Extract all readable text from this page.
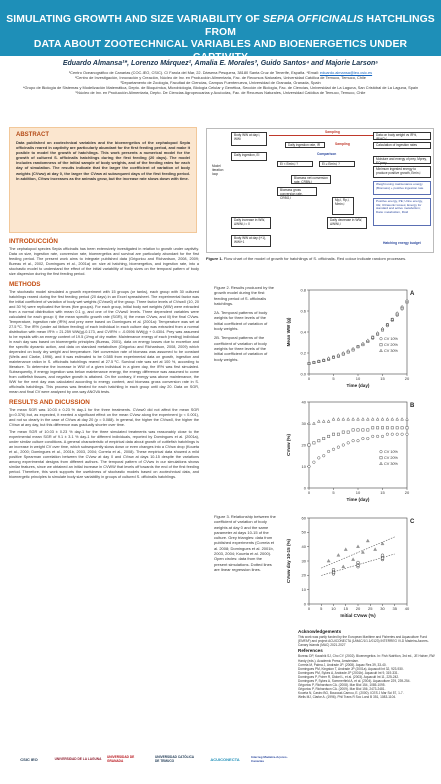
SIMULATING GROWTH AND SIZE VARIABILITY OF SEPIA OFFICINALIS HATCHLINGS FROM
DATA ABOUT ZOOTECHNICAL VARIABLES AND BIOENERGETICS UNDER CAPTIVITY
Eduardo Almansa¹*, Lorenzo Márquez², Amalia E. Morales³, Guido Santos⁴ and Majorie Larson⁵
¹Centro Oceanográfico de Canarias (COC-IEO, CSIC). C/ Farola del Mar, 22. Dársena Pesquera, 38180 Santa Cruz de Tenerife, España. *Email: eduardo.almansa@ieo.csic.es
²Centro de Investigación, Innovación y Creación, Núcleo de Inv. en Producción Alimentaria, Fac. de Recursos Naturales, Universidad Católica de Temuco, Temuco, Chile
³Departamento de Zoología, Facultad de Ciencias, Campus Fuentenueva, Universidad de Granada, Granada, Spain
⁴Grupo de Biología de Sistemas y Modelización Matemática, Depto. de Bioquímica, Microbiología, Biología Celular y Genética, Sección de Biología, Fac. de Ciencias, Universidad de La Laguna, San Cristóbal de La Laguna, Spain
⁵Núcleo de Inv. en Producción Alimentaria, Depto. De Ciencias Agropecuarias y Acuícolas, Fac. de Recursos Naturales, Universidad Católica de Temuco, Temuco, Chile
ABSTRACT

Data published on zootechnical variables and the bioenergetics of the cephalopod Sepia officinalis reared in captivity are particularly abundant for the first feeding period, and make it posible to model the growth of hatchlings. This work presents a numerical model for the growth of cultured S. officinalis hatchlings during the first feeding (20 days). The model includes randomness of the initial sample of body weights, and of the feeding rates for each day of simulation. The results indicate that the larger the coefficient of variation of body weights (CVww) at day 0, the larger the CVww at subsequent days of the first feeding period. In addition, CVww increases as the animals grow, but the increase rate slows down with time.

INTRODUCCIÓN
The cephalopod species Sepia officinalis has been extensively investigated in relation to growth under captivity. Data on size, ingestion rate, conversion rate, bioenergetics and survival are particularly abundant for the first feeding period. The present work aims to integrate published data (Grigoriou and Richardson, 2008, 2009; Bureau et al., 2002, Domingues et al., 2001a) on: size at hatching, bioenergetics, and ingestion rate, into a stochastic model to understand the effect of the initial variability of body sizes on the temporal pattern of body size dispersion during the first feeding period.
METHODS
The stochastic model simulated a growth experiment with 15 groups (or tanks), each group with 30 cultured hatchlings reared during the first feeding period (20 days) in an Excel spreadsheet. The experimental factor was the initial coefficient of variation of body wet weights (CVww0) of the group. Three factor levels of CVww0 (10, 20 and 30 %) were replicated five times (five groups). For each group, initial body wet weights (WW) were extracted from a normal distribution with mean 0.1 g, and one of the CVww0 levels. Three dependent variables were calculated for each group: i) the mean specific growth rate (SGR), ii) the mean CVww, and iii) the final CVww. Temperature, ingestion rate (IR%) and prey were based on Domingues et al. (2001a): Temperature was set at 27.5 ºC. The IR% (under ad libitum feeding) of each individual in each culture day was extracted from a normal distribution with mean IR% = 21.259 WW(g)-0.173, and CVIR% = -0.0596 WW(g) + 0.4304. Prey was assumed to be mysids with an energy content of 19.5 (J/mg of dry matter. Maintenance energy of each (resting) individual in each day was based on bioenergetic principles (Bureau, 2001), data on energy losses due to excretion and the specific dynamic action, and data on standard metabolism (Grigoriou and Richardson, 2008, 2009) which depended on body dry weight and temperature. Net conversion rate of biomass was assumed to be constant (Wells and Clarke, 1996), and it was estimated to be 0.585 from experimental data on growth, ingestion and maintenance ration in S. officinalis hatchlings reared at 27.5 ºC. Survival rate was set at 100 %, according to literature. To determine the increase in WW of a given individual in a given day, the IR% was first simulated. Subsequently, if energy ingestion was below maintenance energy, the energy difference was assumed to come from cuttlefish tissues, and negative growth is attained. On the contrary, if energy was above maintenance, the WW for the next day was calculated according to energy content, and biomass gross conversion rate in S. officinalis hatchlings. This process was iterated for each hatchling in each group until day 20. Data on SGR, mean and final CV were analyzed by one-way ANOVA tests.
RESULTS AND DICUSSION
The mean SGR was 10.03 ± 0.23 % day-1 for the three treatments. CVww0 did not affect the mean SGR (p=0.376) but, as expected, it exerted a significant effect on the mean CVww along the experiment (p < 0.001), and not so clearly in the case of CVww at day 20 (p = 0.088). In general, the higher the CVww0, the higher the CVww at any day, but this difference was gradually shorter over time.
The mean SGR of 10.03 ± 0.23 % day-1 for the three simulated treatments was reasonably close to the experimental mean SGR of 9.1 ± 3.1 % day-1 for different individuals, reported by Domingues et al. (2001a), under similar culture conditions. A general characteristic of empirical data about growth of cuttlefish hatchlings is an increase in weight CV over time, which subsequently slows down or even changes into a CVww drop (Koueta et al., 2000; Domingues et al., 2001b, 2003, 2004; Correia et al., 2008). These empirical data showed a mild positive Spearman correlation between the CVww at day 0 and CVww at days 10-15 despite the variations among experimental designs from different authors. The temporal pattern of CVww in our simulations shows similar features, since we obtained an initial increase in CVWW that levels off towards the end of the first feeding period. Therefore, this work supports the usefulness of stochastic models based on zootechnical data, and bioenergetic principles to simulate body size variability in groups of cultured S. officinalis hatchlings.
Body WW at day i, WWi
Sampling
Data on body weight vs IR%, IR%CV
Daily ingestion rate, IR	Sampling	Calculation of ingestion rates
Daily ingestion, Ei	Comparison
Moisture and energy of prey, Mprey, ECprey
Minimum ingested energy to produce positive growth, Emin,i
Ei < Emin,i ?	Ei ≥ Emin,i ?
Model iteration loop
Biomass net conversion rate, CRBN,i
Biomass gross conversion rate, CRBG,i
Weight using maintenance energy (Biomass) + positive ingestion rate
Mp,i, Rp,i, Mmin,i
Positive energy, PE; Urine energy, UE; Ultrasonic losses; Energy for standard and active metabolism; Data: metabolism, Rstd
Daily increase in WW, ΔWWi,i = 0
Daily decrease in WW, ΔWWi,i
Body WW at day (i+1), WWi+1	Hatching energy budget
Figure 1. Flow chart of the model of growth for hatchlings of S. officinalis. Red colour indicate random processes.
Figure 2. Results produced by the growth model during the first feeding period of S. officinalis hatchlings.
2A. Temporal patterns of body weights for three levels of the initial coefficient of variation of body weights.
2B. Temporal patterns of the coefficient of variation of body weights for three levels of the initial coefficient of variation of body weights.
Figure 3. Relationship between the coefficient of variation of body weights at day 0 and the same parameter at days 10-15 of the culture. Grey triangles: data from published experiments (Correia et al. 2008; Domingues et al. 2001b, 2003, 2004; Koueta et al. 2000). Open circles: data from the present simulations. Dotted lines are linear regression lines.
A
0	5	10	15	20
0.0
0.2
0.4
0.6
0.8
Time (day)
Mean WW (g)	CV 10%
CV 20%
CV 30%
B
0	5	10	15	20
0
10
20
30
40
Time (day)
CVww (%)	CV 10%
CV 20%
CV 30%
C
0	5 10 15 20 25 30 35 40
0
10
20
30
40
50
60
Initial CVww (%)
CVww day 10-15 (%)
Acknowledgements
This work was partly funded by the European Maritime and Fisheries and Aquaculture Fund (EMFAF) and project ACUICONECTA (1/MAC/1/1.1/0123) INTERREG VI-D Madeira-Azores-Canary Islands (MAC) 2021-2027
References
Bureau DP, Kaushik SJ, Cho CY. (2002). Bioenergetics. In: Fish Nutrition, 3rd ed., JE Halver, RW Hardy (eds.). Academic Press, Amsterdam.
Correia M, Palma J, Andrade JP. (2008). Aquac Res 39, 33-40.
Domingues PM, Kingston T, Andrade JP (2001a). Aquacult Int 32, 923-930.
Domingues PM, Sykes A, Andrade JP (2001b). Aquacult Int 9, 319-331.
Domingues P, Poirer R, Dickel L, et al. (2003). Aquacult Int 11, 225-242.
Domingues P, Sykes A, Sommerfield A, et al. (2004). Aquaculture 229, 239-254.
Grigoriou P, Richardson CA. (2008). Mar Biol 154, 1085-1095.
Grigoriou P, Richardson CA. (2009). Mar Biol 156, 2473-2481.
Koueta N, Castro BG, Boucaud-Camou, E. (2000). ICES J Mar Sci 57, 1-7.
Wells MJ, Clarke A. (1996). Phil Trans R Soc Lond B 351, 1083-1104.
CSIC IEO	UNIVERSIDAD DE LA LAGUNA	UNIVERSIDAD DE GRANADA
UNIVERSIDAD CATÓLICA DE TEMUCO	ACUICONECTA	Interreg Madeira-Açores-Canarias
